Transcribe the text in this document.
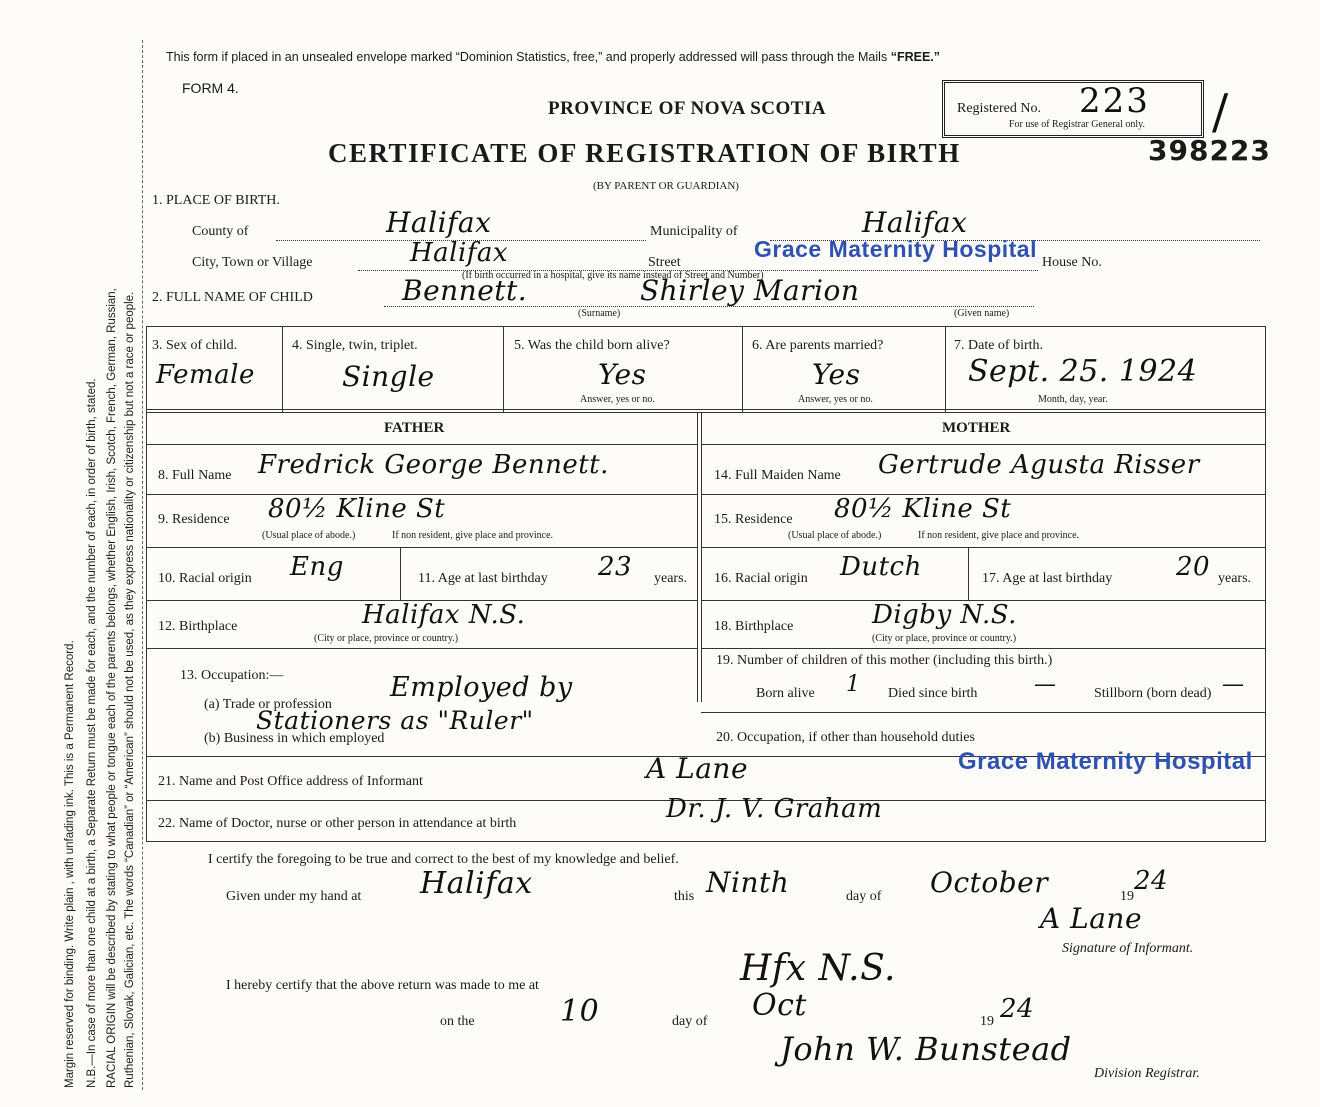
Margin reserved for binding. Write plain , with unfading ink. This is a Permanent Record. N.B.—In case of more than one child at a birth, a Separate Return must be made for each, and the number of each, in order of birth, stated. RACIAL ORIGIN will be described by stating to what people or tongue each of the parents belongs, whether English, Irish, Scotch, French, German, Russian, Ruthenian, Slovak, Galician, etc. The words “Canadian” or “American” should not be used, as they express nationality or citizenship but not a race or people.
This form if placed in an unsealed envelope marked “Dominion Statistics, free,” and properly addressed will pass through the Mails “FREE.”
FORM 4.
PROVINCE OF NOVA SCOTIA
CERTIFICATE OF REGISTRATION OF BIRTH
(BY PARENT OR GUARDIAN)
Registered No. 223
For use of Registrar General only. /
398223
1. PLACE OF BIRTH.
County of	Halifax	Municipality of	Halifax
City, Town or Village	Halifax	Street
Grace Maternity Hospital
House No.
(If birth occurred in a hospital, give its name instead of Street and Number)
2. FULL NAME OF CHILD	Bennett.	Shirley Marion
(Surname)	(Given name)
3. Sex of child.
Female
4. Single, twin, triplet.
Single
5. Was the child born alive?
Yes
Answer, yes or no.
6. Are parents married?
Yes
Answer, yes or no.
7. Date of birth.
Sept. 25. 1924
Month, day, year.
FATHER	MOTHER
8. Full Name Fredrick George Bennett.	14. Full Maiden Name Gertrude Agusta Risser
9. Residence 80½ Kline St
(Usual place of abode.)	If non resident, give place and province.
15. Residence 80½ Kline St
(Usual place of abode.)	If non resident, give place and province.
10. Racial origin Eng	11. Age at last birthday 23 years. 16. Racial origin Dutch	17. Age at last birthday 20 years.
12. Birthplace	Halifax N.S.
(City or place, province or country.)
18. Birthplace	Digby N.S.
(City or place, province or country.)
13. Occupation:—
(a) Trade or profession
Employed by
(b) Business in which employed
Stationers as "Ruler"
19. Number of children of this mother (including this birth.)
Born alive 1 Died since birth	—	Stillborn (born dead) —
20. Occupation, if other than household duties
21. Name and Post Office address of Informant	A Lane	Grace Maternity Hospital
22. Name of Doctor, nurse or other person in attendance at birth	Dr. J. V. Graham
I certify the foregoing to be true and correct to the best of my knowledge and belief.
Given under my hand at Halifax	this Ninth	day of October	19
24
A Lane
Signature of Informant.
I hereby certify that the above return was made to me at	Hfx N.S.
on the	10	day of Oct	19 24
John W. Bunstead
Division Registrar.
